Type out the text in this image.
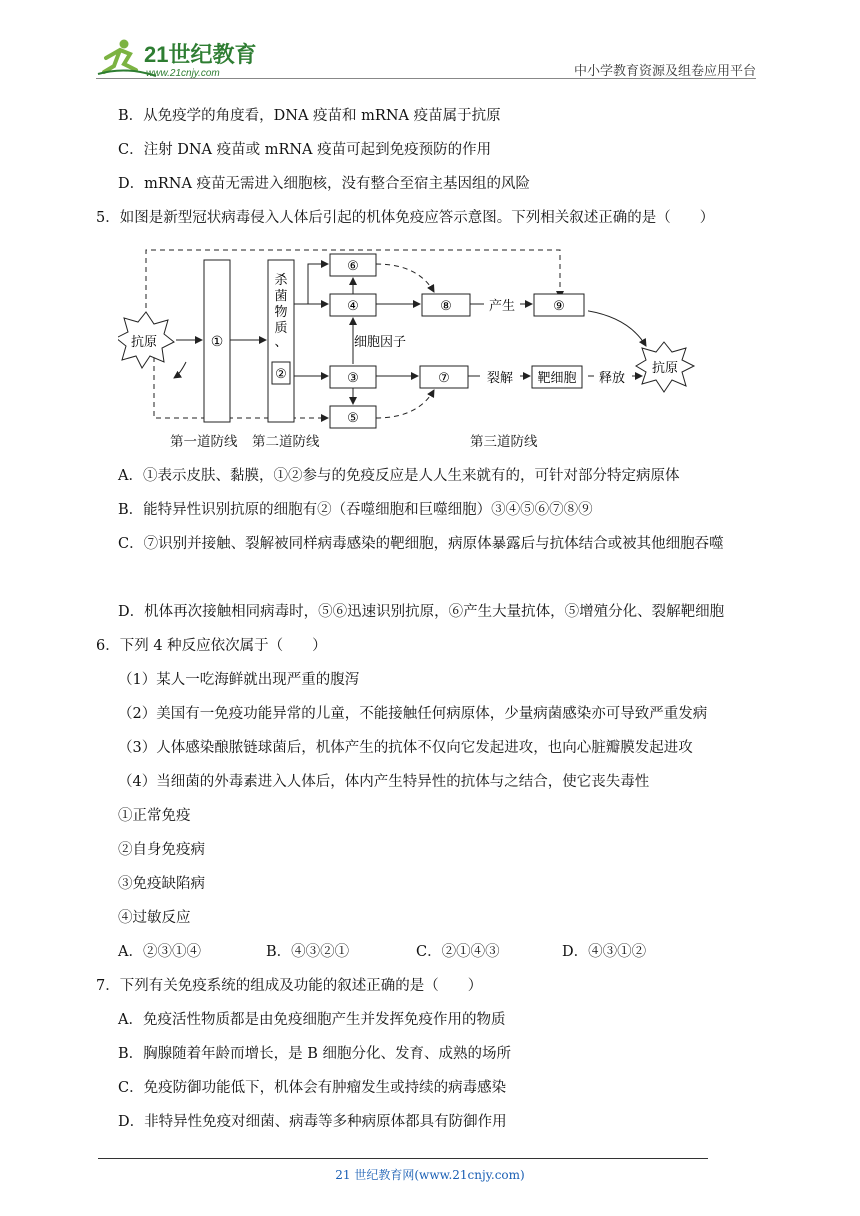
21世纪教育
www.21cnjy.com	中小学教育资源及组卷应用平台
B．从免疫学的角度看，DNA 疫苗和 mRNA 疫苗属于抗原
C．注射 DNA 疫苗或 mRNA 疫苗可起到免疫预防的作用
D．mRNA 疫苗无需进入细胞核，没有整合至宿主基因组的风险
5．如图是新型冠状病毒侵入人体后引起的机体免疫应答示意图。下列相关叙述正确的是（　　）
抗原	①
杀
菌
物
质
、
②
⑥
④
细胞因子
③
⑤
⑧	产生	⑨
⑦	裂解 靶细胞 释放
抗原
第一道防线 第二道防线	第三道防线
A．①表示皮肤、黏膜，①②参与的免疫反应是人人生来就有的，可针对部分特定病原体
B．能特异性识别抗原的细胞有②（吞噬细胞和巨噬细胞）③④⑤⑥⑦⑧⑨
C．⑦识别并接触、裂解被同样病毒感染的靶细胞，病原体暴露后与抗体结合或被其他细胞吞噬
D．机体再次接触相同病毒时，⑤⑥迅速识别抗原，⑥产生大量抗体，⑤增殖分化、裂解靶细胞
6．下列 4 种反应依次属于（　　）
（1）某人一吃海鲜就出现严重的腹泻
（2）美国有一免疫功能异常的儿童，不能接触任何病原体，少量病菌感染亦可导致严重发病
（3）人体感染酿脓链球菌后，机体产生的抗体不仅向它发起进攻，也向心脏瓣膜发起进攻
（4）当细菌的外毒素进入人体后，体内产生特异性的抗体与之结合，使它丧失毒性
①正常免疫
②自身免疫病
③免疫缺陷病
④过敏反应
A．②③①④	B．④③②①	C．②①④③	D．④③①②
7．下列有关免疫系统的组成及功能的叙述正确的是（　　）
A．免疫活性物质都是由免疫细胞产生并发挥免疫作用的物质
B．胸腺随着年龄而增长，是 B 细胞分化、发育、成熟的场所
C．免疫防御功能低下，机体会有肿瘤发生或持续的病毒感染
D．非特异性免疫对细菌、病毒等多种病原体都具有防御作用
21 世纪教育网(www.21cnjy.com)
